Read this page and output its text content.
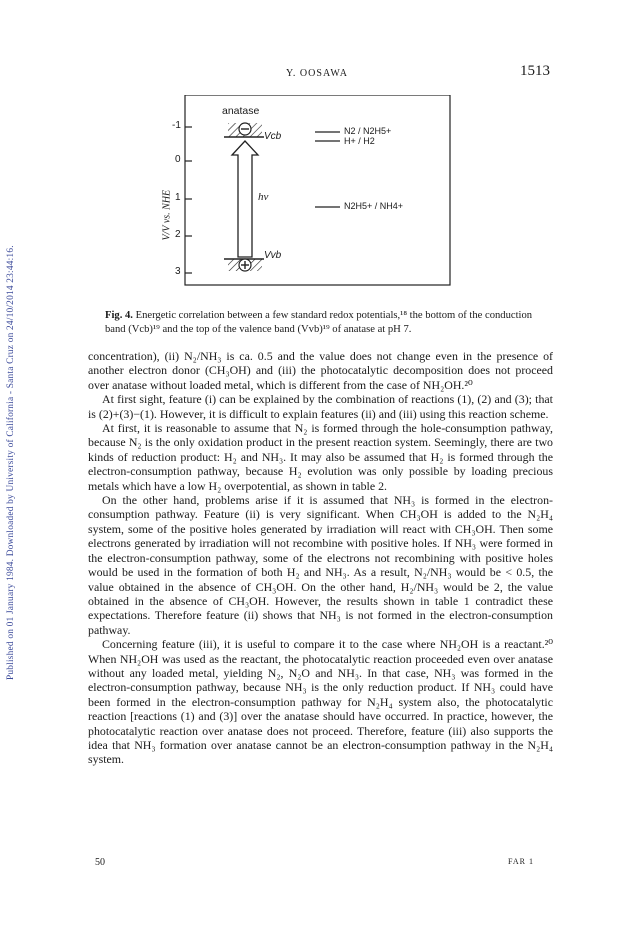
Published on 01 January 1984. Downloaded by University of California - Santa Cruz on 24/10/2014 23:44:16.
Y. OOSAWA	1513
V/V vs. NHE
-1
0
1
2
3
anatase
Vcb
Vvb
hν
N2 / N2H5+
H+ / H2
N2H5+ / NH4+
Fig. 4. Energetic correlation between a few standard redox potentials,¹⁸ the bottom of the conduction band (Vcb)¹⁹ and the top of the valence band (Vvb)¹⁹ of anatase at pH 7.

concentration), (ii) N₂/NH₃ is ca. 0.5 and the value does not change even in the presence of another electron donor (CH₃OH) and (iii) the photocatalytic decomposition does not proceed over anatase without loaded metal, which is different from the case of NH₂OH.²⁰

At first sight, feature (i) can be explained by the combination of reactions (1), (2) and (3); that is (2)+(3)−(1). However, it is difficult to explain features (ii) and (iii) using this reaction scheme.

At first, it is reasonable to assume that N₂ is formed through the hole-consumption pathway, because N₂ is the only oxidation product in the present reaction system. Seemingly, there are two kinds of reduction product: H₂ and NH₃. It may also be assumed that H₂ is formed through the electron-consumption pathway, because H₂ evolution was only possible by loading precious metals which have a low H₂ overpotential, as shown in table 2.

On the other hand, problems arise if it is assumed that NH₃ is formed in the electron-consumption pathway. Feature (ii) is very significant. When CH₃OH is added to the N₂H₄ system, some of the positive holes generated by irradiation will react with CH₃OH. Then some electrons generated by irradiation will not recombine with positive holes. If NH₃ were formed in the electron-consumption pathway, some of the electrons not recombining with positive holes would be used in the formation of both H₂ and NH₃. As a result, N₂/NH₃ would be < 0.5, the value obtained in the absence of CH₃OH. On the other hand, H₂/NH₃ would be 2, the value obtained in the absence of CH₃OH. However, the results shown in table 1 contradict these expectations. Therefore feature (ii) shows that NH₃ is not formed in the electron-consumption pathway.

Concerning feature (iii), it is useful to compare it to the case where NH₂OH is a reactant.²⁰ When NH₂OH was used as the reactant, the photocatalytic reaction proceeded even over anatase without any loaded metal, yielding N₂, N₂O and NH₃. In that case, NH₃ was formed in the electron-consumption pathway, because NH₃ is the only reduction product. If NH₃ could have been formed in the electron-consumption pathway for N₂H₄ system also, the photocatalytic reaction [reactions (1) and (3)] over the anatase should have occurred. In practice, however, the photocatalytic reaction over anatase does not proceed. Therefore, feature (iii) also supports the idea that NH₃ formation over anatase cannot be an electron-consumption pathway in the N₂H₄ system.

50	FAR 1
